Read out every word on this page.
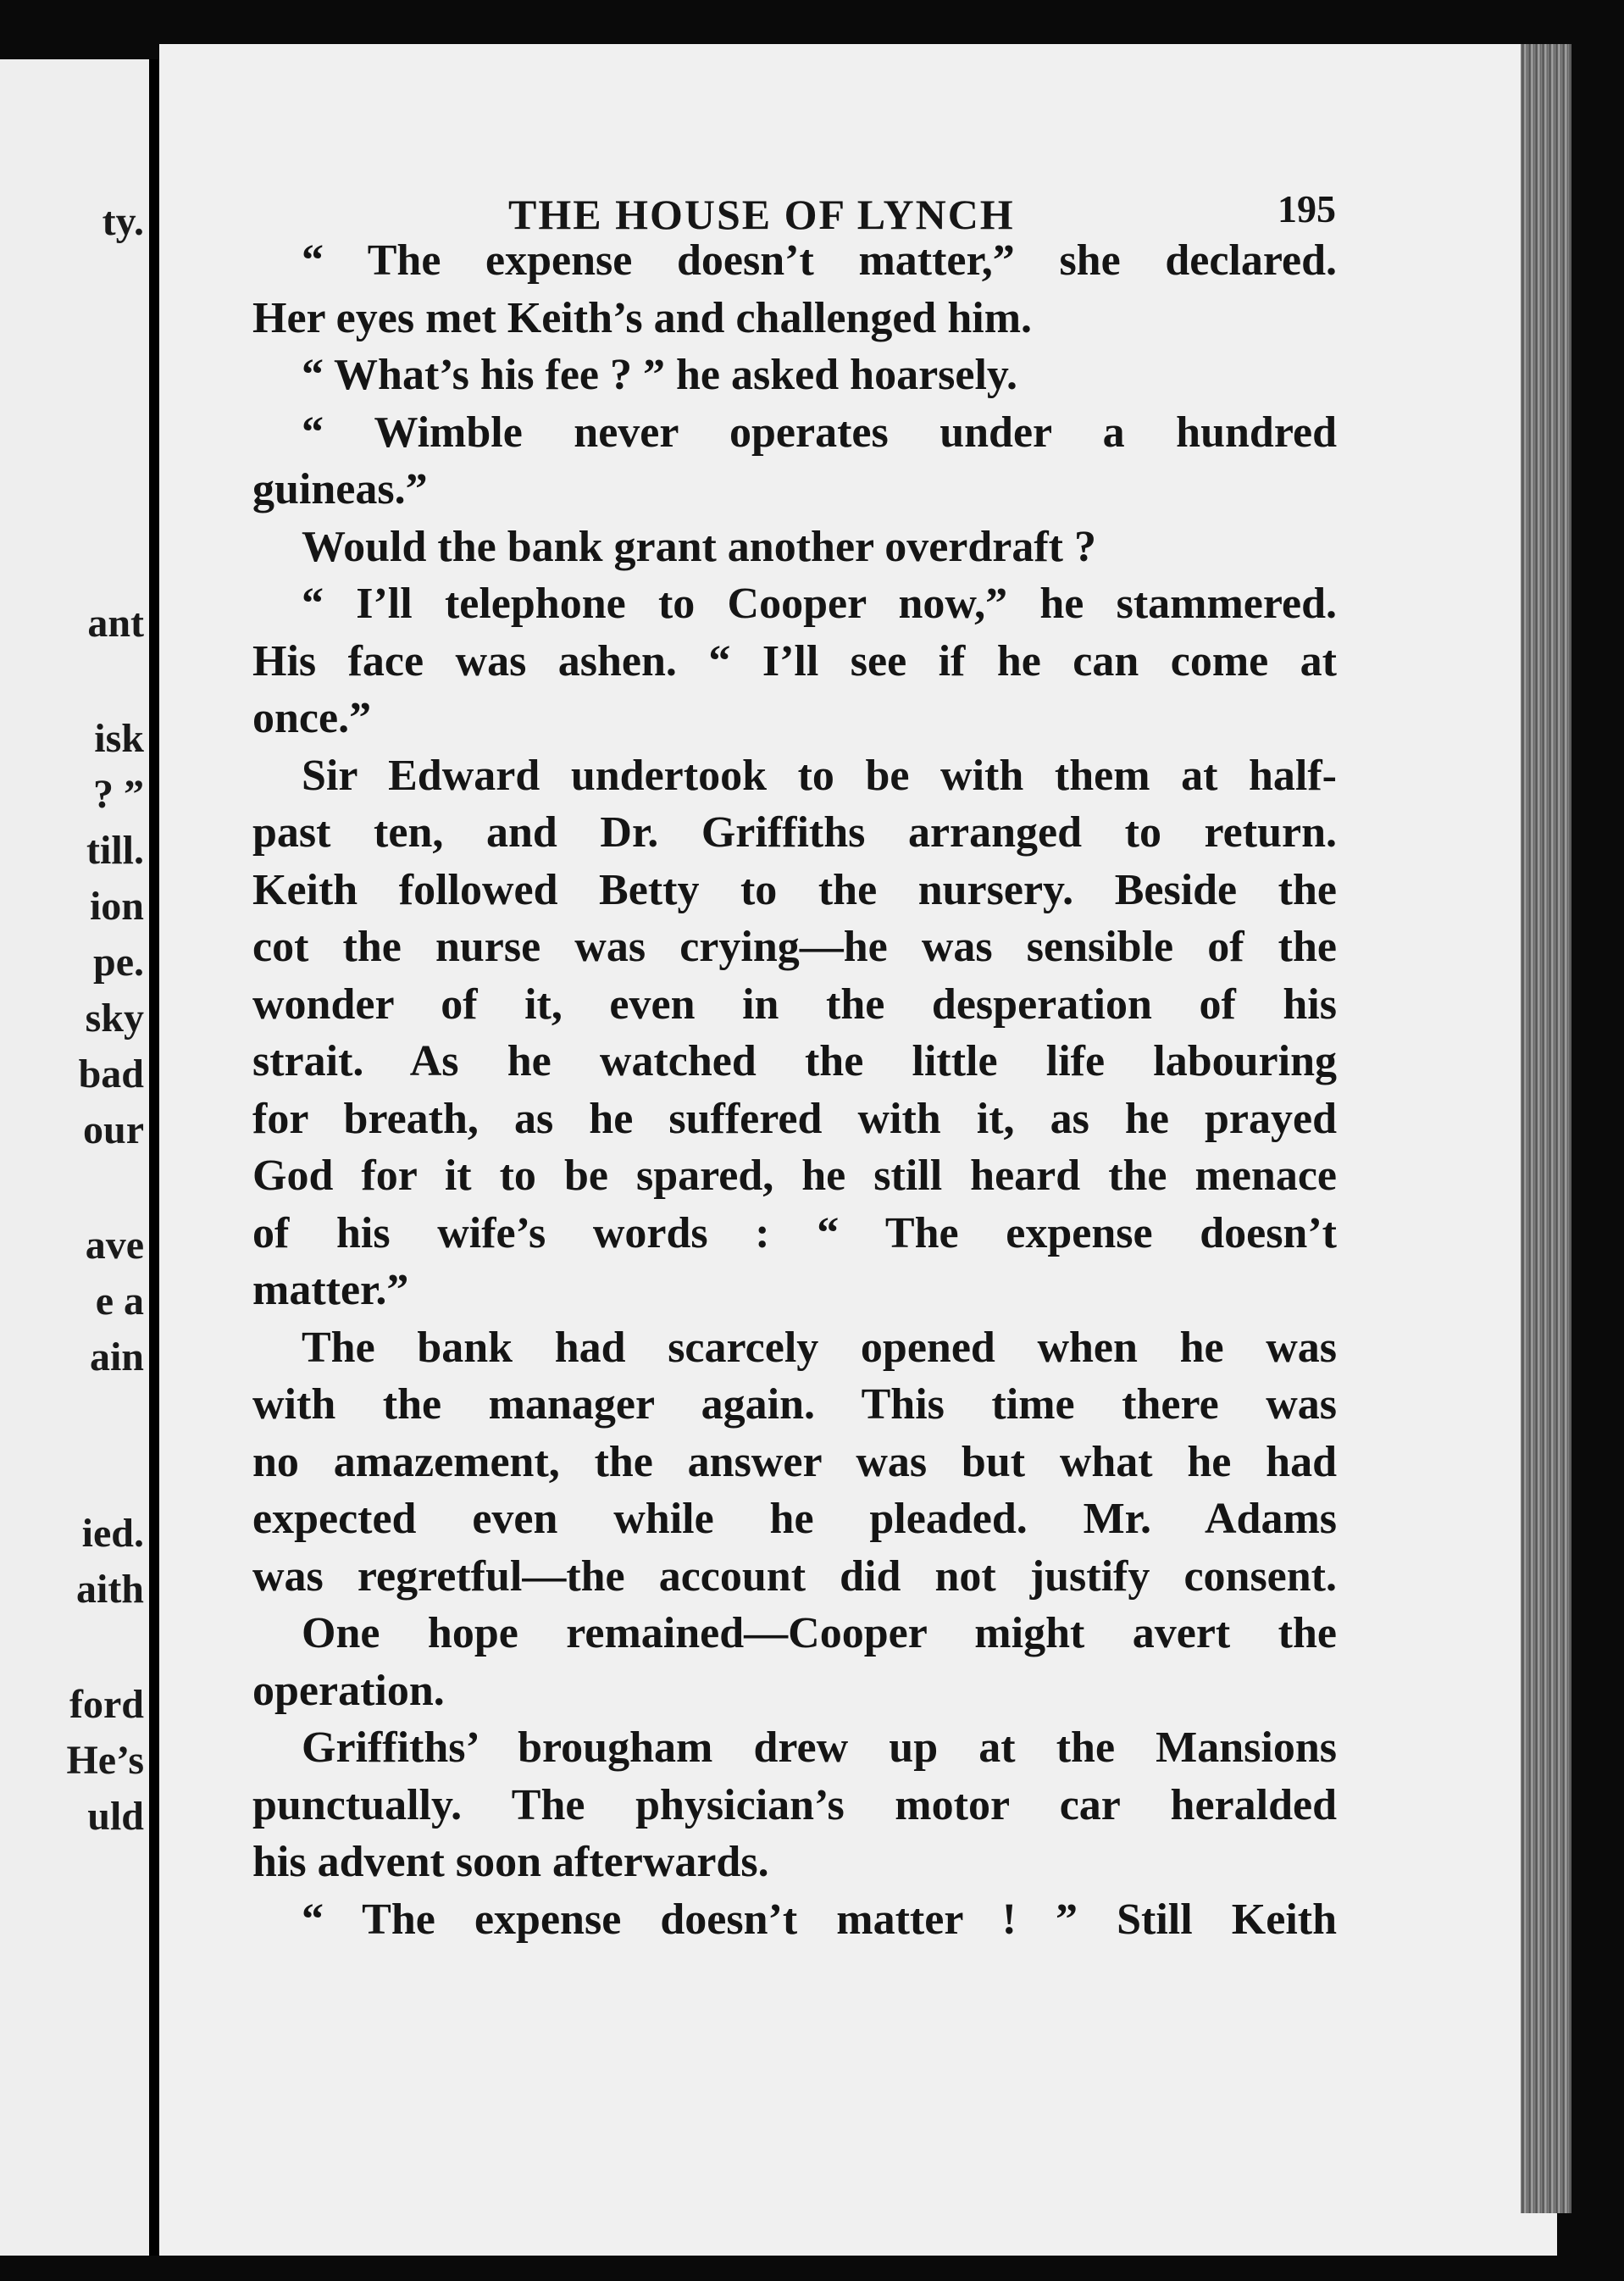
ty.
ant
isk
? ”
till.
ion
pe.
sky
bad
our
ave
e a
ain
ied.
aith
ford
He’s
uld
THE HOUSE OF LYNCH	195
“ The expense doesn’t matter,” she declared.
Her eyes met Keith’s and challenged him.
“ What’s his fee ? ” he asked hoarsely.
“ Wimble never operates under a hundred
guineas.”
Would the bank grant another overdraft ?
“ I’ll telephone to Cooper now,” he stammered.
His face was ashen. “ I’ll see if he can come at
once.”
Sir Edward undertook to be with them at half-
past ten, and Dr. Griffiths arranged to return.
Keith followed Betty to the nursery. Beside the
cot the nurse was crying—he was sensible of the
wonder of it, even in the desperation of his
strait. As he watched the little life labouring
for breath, as he suffered with it, as he prayed
God for it to be spared, he still heard the menace
of his wife’s words : “ The expense doesn’t
matter.”
The bank had scarcely opened when he was
with the manager again. This time there was
no amazement, the answer was but what he had
expected even while he pleaded. Mr. Adams
was regretful—the account did not justify consent.
One hope remained—Cooper might avert the
operation.
Griffiths’ brougham drew up at the Mansions
punctually. The physician’s motor car heralded
his advent soon afterwards.
“ The expense doesn’t matter ! ” Still Keith
